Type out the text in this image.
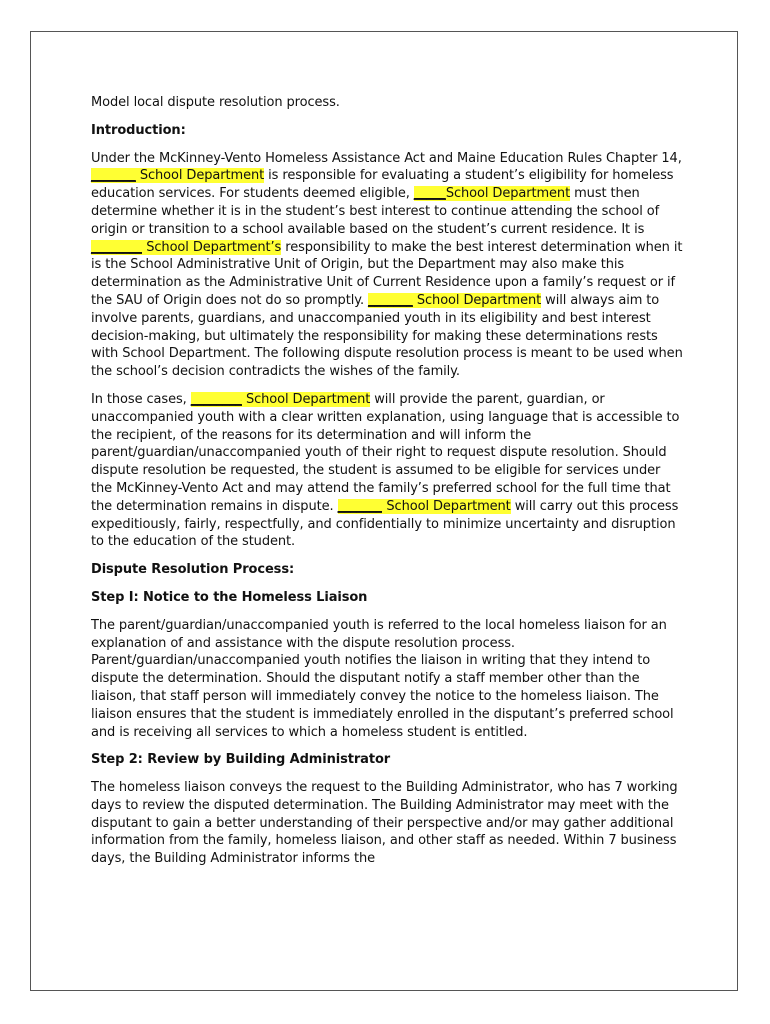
Model local dispute resolution process.

Introduction:

Under the McKinney-Vento Homeless Assistance Act and Maine Education Rules Chapter 14, _______ School Department is responsible for evaluating a student’s eligibility for homeless education services. For students deemed eligible, _____School Department must then determine whether it is in the student’s best interest to continue attending the school of origin or transition to a school available based on the student’s current residence. It is ________ School Department’s responsibility to make the best interest determination when it is the School Administrative Unit of Origin, but the Department may also make this determination as the Administrative Unit of Current Residence upon a family’s request or if the SAU of Origin does not do so promptly. _______ School Department will always aim to involve parents, guardians, and unaccompanied youth in its eligibility and best interest decision-making, but ultimately the responsibility for making these determinations rests with School Department. The following dispute resolution process is meant to be used when the school’s decision contradicts the wishes of the family.

In those cases, ________ School Department will provide the parent, guardian, or unaccompanied youth with a clear written explanation, using language that is accessible to the recipient, of the reasons for its determination and will inform the parent/guardian/unaccompanied youth of their right to request dispute resolution. Should dispute resolution be requested, the student is assumed to be eligible for services under the McKinney-Vento Act and may attend the family’s preferred school for the full time that the determination remains in dispute. _______ School Department will carry out this process expeditiously, fairly, respectfully, and confidentially to minimize uncertainty and disruption to the education of the student.

Dispute Resolution Process:

Step I: Notice to the Homeless Liaison

The parent/guardian/unaccompanied youth is referred to the local homeless liaison for an explanation of and assistance with the dispute resolution process. Parent/guardian/unaccompanied youth notifies the liaison in writing that they intend to dispute the determination. Should the disputant notify a staff member other than the liaison, that staff person will immediately convey the notice to the homeless liaison. The liaison ensures that the student is immediately enrolled in the disputant’s preferred school and is receiving all services to which a homeless student is entitled.

Step 2: Review by Building Administrator

The homeless liaison conveys the request to the Building Administrator, who has 7 working days to review the disputed determination. The Building Administrator may meet with the disputant to gain a better understanding of their perspective and/or may gather additional information from the family, homeless liaison, and other staff as needed. Within 7 business days, the Building Administrator informs the
